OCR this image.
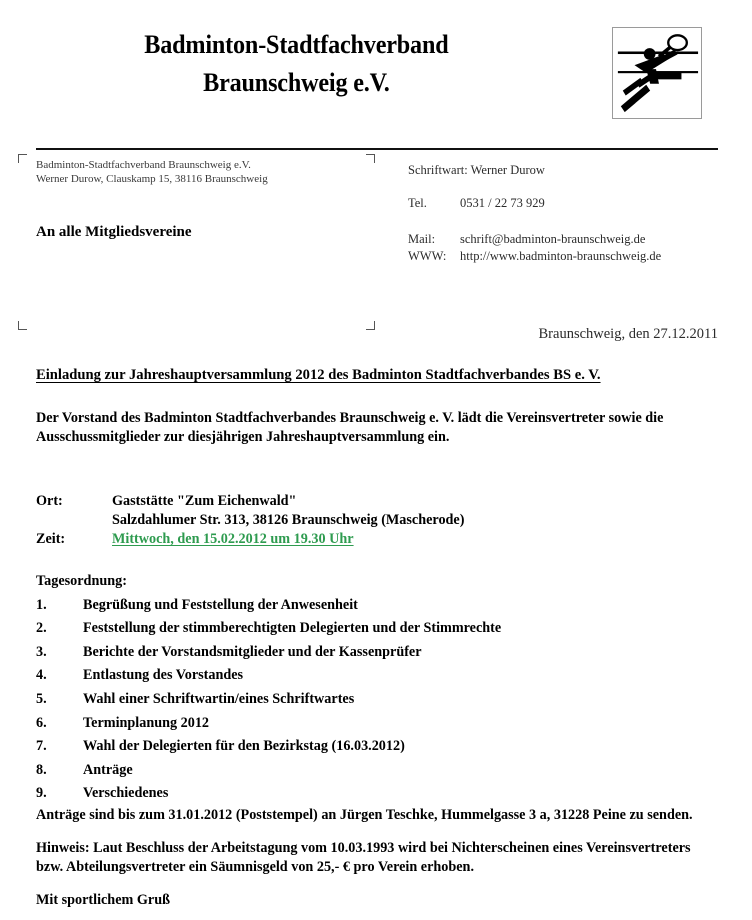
Badminton-Stadtfachverband
Braunschweig e.V.
Badminton-Stadtfachverband Braunschweig e.V.
Werner Durow, Clauskamp 15, 38116 Braunschweig
An alle Mitgliedsvereine
Schriftwart: Werner Durow
Tel.	0531 / 22 73 929
Mail:	schrift@badminton-braunschweig.de
WWW:	http://www.badminton-braunschweig.de
Braunschweig, den 27.12.2011
Einladung zur Jahreshauptversammlung 2012 des Badminton Stadtfachverbandes BS e. V.
Der Vorstand des Badminton Stadtfachverbandes Braunschweig e. V. lädt die Vereinsvertreter sowie die Ausschussmitglieder zur diesjährigen Jahreshauptversammlung ein.
Ort:	Gaststätte "Zum Eichenwald"
Salzdahlumer Str. 313, 38126 Braunschweig (Mascherode)
Zeit:	Mittwoch, den 15.02.2012 um 19.30 Uhr
Tagesordnung:
1.	Begrüßung und Feststellung der Anwesenheit
2.	Feststellung der stimmberechtigten Delegierten und der Stimmrechte
3.	Berichte der Vorstandsmitglieder und der Kassenprüfer
4.	Entlastung des Vorstandes
5.	Wahl einer Schriftwartin/eines Schriftwartes
6.	Terminplanung 2012
7.	Wahl der Delegierten für den Bezirkstag (16.03.2012)
8.	Anträge
9.	Verschiedenes

Anträge sind bis zum 31.01.2012 (Poststempel) an Jürgen Teschke, Hummelgasse 3 a, 31228 Peine zu senden.

Hinweis: Laut Beschluss der Arbeitstagung vom 10.03.1993 wird bei Nichterscheinen eines Vereinsvertreters bzw. Abteilungsvertreter ein Säumnisgeld von 25,- € pro Verein erhoben.

Mit sportlichem Gruß
